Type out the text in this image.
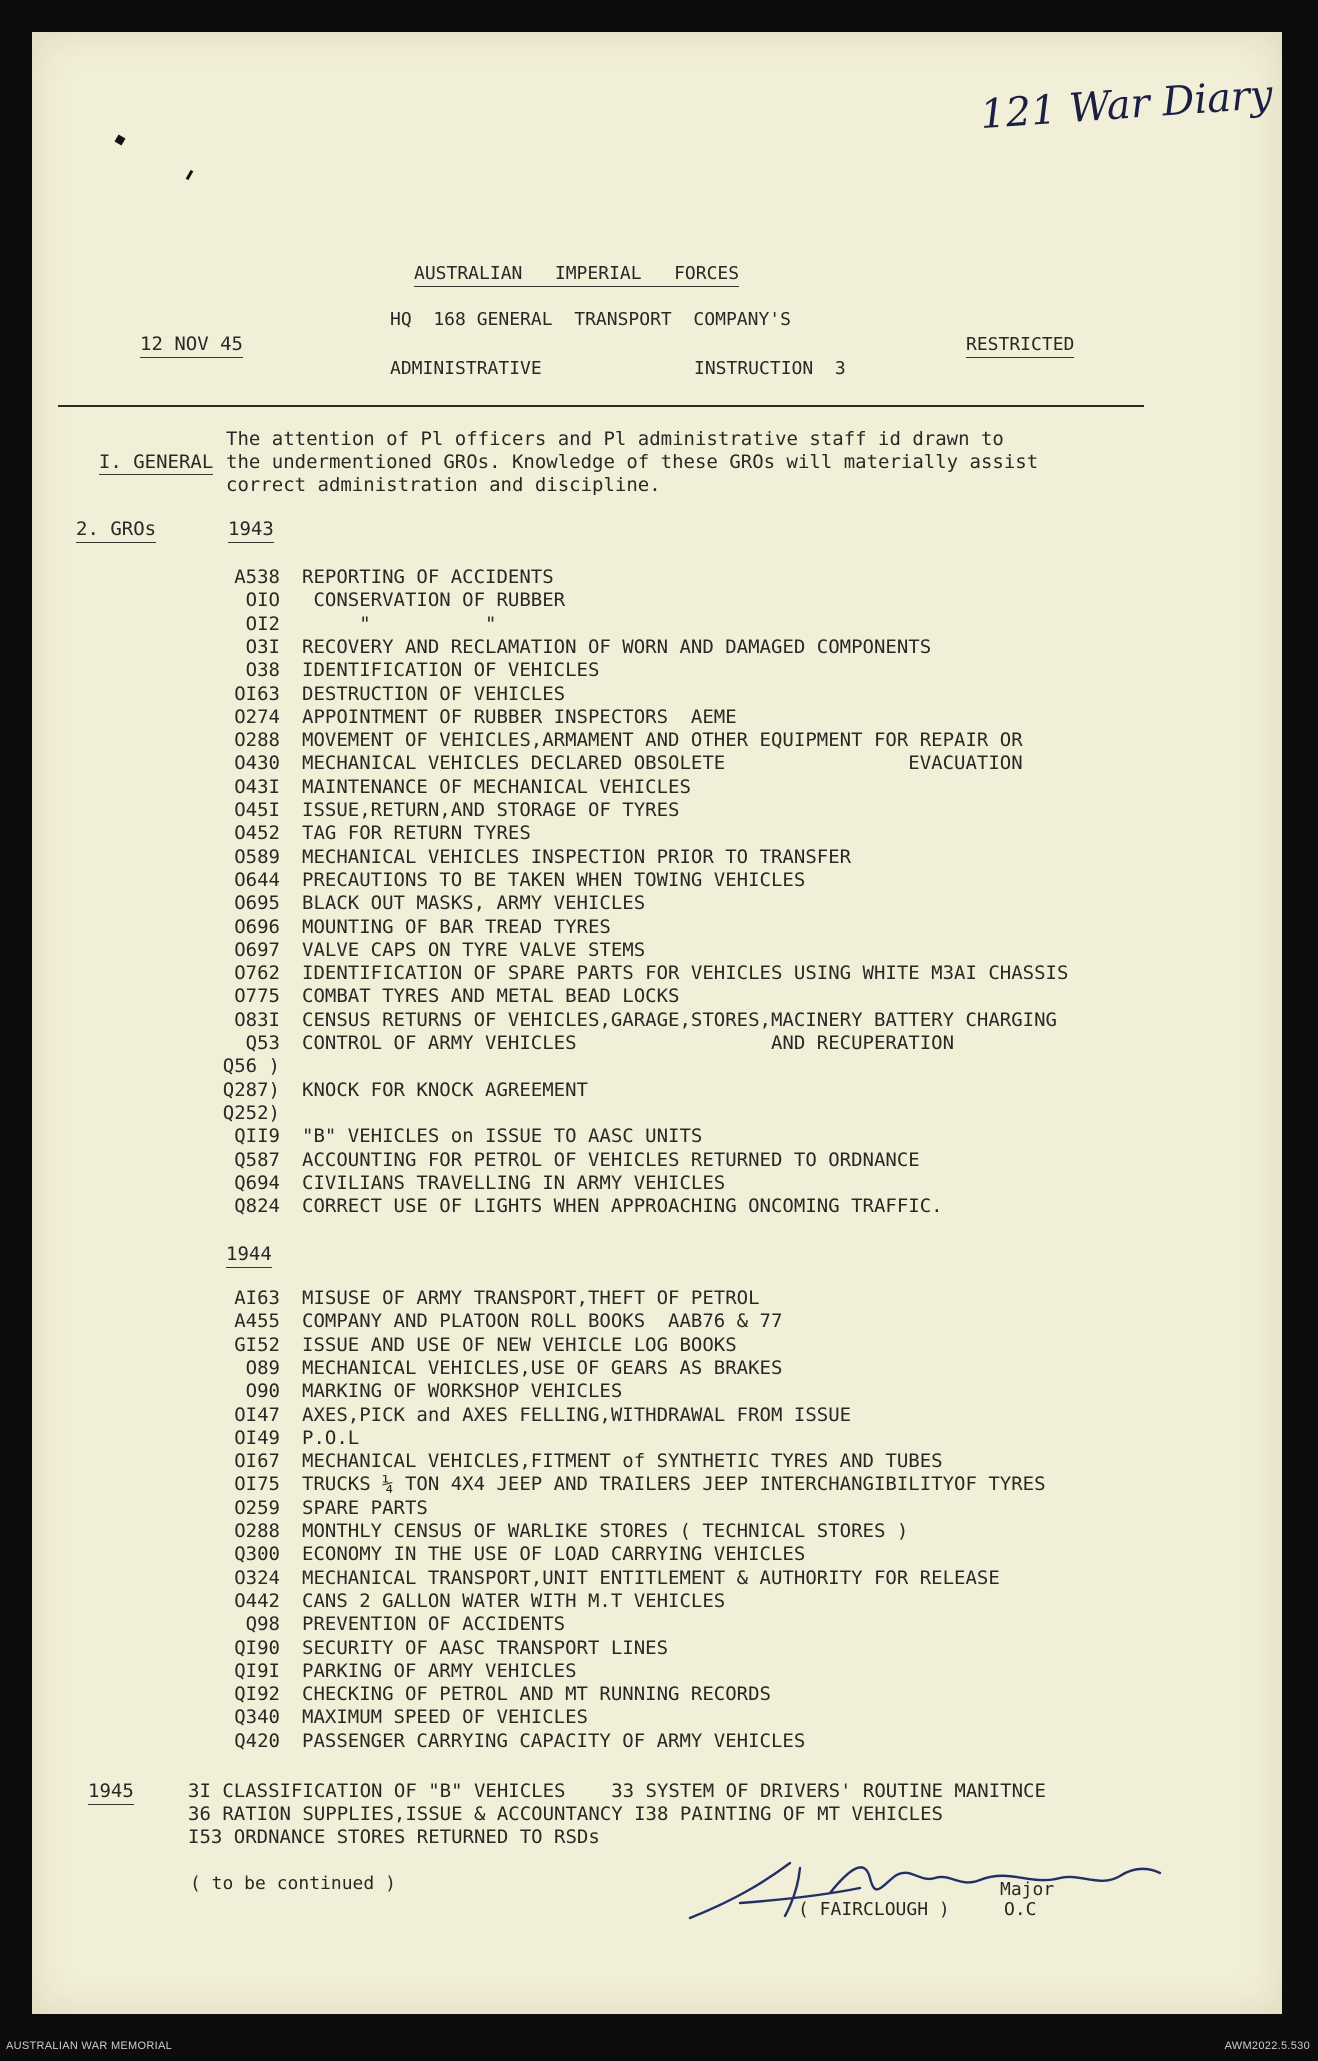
121 War Diary
AUSTRALIAN   IMPERIAL   FORCES
HQ  168 GENERAL  TRANSPORT  COMPANY'S
ADMINISTRATIVE	INSTRUCTION  3
12 NOV 45	RESTRICTED

I. GENERAL

The attention of Pl officers and Pl administrative staff id drawn to
the undermentioned GROs. Knowledge of these GROs will materially assist
correct administration and discipline.
2. GROs	1943
A538 REPORTING OF ACCIDENTS
OIO CONSERVATION OF RUBBER
OI2 "          "
O3I RECOVERY AND RECLAMATION OF WORN AND DAMAGED COMPONENTS
O38 IDENTIFICATION OF VEHICLES
OI63 DESTRUCTION OF VEHICLES
O274 APPOINTMENT OF RUBBER INSPECTORS  AEME
O288 MOVEMENT OF VEHICLES,ARMAMENT AND OTHER EQUIPMENT FOR REPAIR OR
O430 MECHANICAL VEHICLES DECLARED OBSOLETE                EVACUATION
O43I MAINTENANCE OF MECHANICAL VEHICLES
O45I ISSUE,RETURN,AND STORAGE OF TYRES
O452 TAG FOR RETURN TYRES
O589 MECHANICAL VEHICLES INSPECTION PRIOR TO TRANSFER
O644 PRECAUTIONS TO BE TAKEN WHEN TOWING VEHICLES
O695 BLACK OUT MASKS, ARMY VEHICLES
O696 MOUNTING OF BAR TREAD TYRES
O697 VALVE CAPS ON TYRE VALVE STEMS
O762 IDENTIFICATION OF SPARE PARTS FOR VEHICLES USING WHITE M3AI CHASSIS
O775 COMBAT TYRES AND METAL BEAD LOCKS
O83I CENSUS RETURNS OF VEHICLES,GARAGE,STORES,MACINERY BATTERY CHARGING
Q53 CONTROL OF ARMY VEHICLES                 AND RECUPERATION
Q56 )
Q287) KNOCK FOR KNOCK AGREEMENT
Q252)
QII9 "B" VEHICLES on ISSUE TO AASC UNITS
Q587 ACCOUNTING FOR PETROL OF VEHICLES RETURNED TO ORDNANCE
Q694 CIVILIANS TRAVELLING IN ARMY VEHICLES
Q824 CORRECT USE OF LIGHTS WHEN APPROACHING ONCOMING TRAFFIC.
1944
AI63 MISUSE OF ARMY TRANSPORT,THEFT OF PETROL
A455 COMPANY AND PLATOON ROLL BOOKS  AAB76 & 77
GI52 ISSUE AND USE OF NEW VEHICLE LOG BOOKS
O89 MECHANICAL VEHICLES,USE OF GEARS AS BRAKES
O90 MARKING OF WORKSHOP VEHICLES
OI47 AXES,PICK and AXES FELLING,WITHDRAWAL FROM ISSUE
OI49 P.O.L
OI67 MECHANICAL VEHICLES,FITMENT of SYNTHETIC TYRES AND TUBES
OI75 TRUCKS ¼ TON 4X4 JEEP AND TRAILERS JEEP INTERCHANGIBILITYOF TYRES
O259 SPARE PARTS
O288 MONTHLY CENSUS OF WARLIKE STORES ( TECHNICAL STORES )
Q300 ECONOMY IN THE USE OF LOAD CARRYING VEHICLES
O324 MECHANICAL TRANSPORT,UNIT ENTITLEMENT & AUTHORITY FOR RELEASE
O442 CANS 2 GALLON WATER WITH M.T VEHICLES
Q98 PREVENTION OF ACCIDENTS
QI90 SECURITY OF AASC TRANSPORT LINES
QI9I PARKING OF ARMY VEHICLES
QI92 CHECKING OF PETROL AND MT RUNNING RECORDS
Q340 MAXIMUM SPEED OF VEHICLES
Q420 PASSENGER CARRYING CAPACITY OF ARMY VEHICLES
1945	3I CLASSIFICATION OF "B" VEHICLES    33 SYSTEM OF DRIVERS' ROUTINE MANITNCE
36 RATION SUPPLIES,ISSUE & ACCOUNTANCY I38 PAINTING OF MT VEHICLES
I53 ORDNANCE STORES RETURNED TO RSDs
( to be continued )	Major
( FAIRCLOUGH )	O.C
AUSTRALIAN WAR MEMORIAL	AWM2022.5.530
